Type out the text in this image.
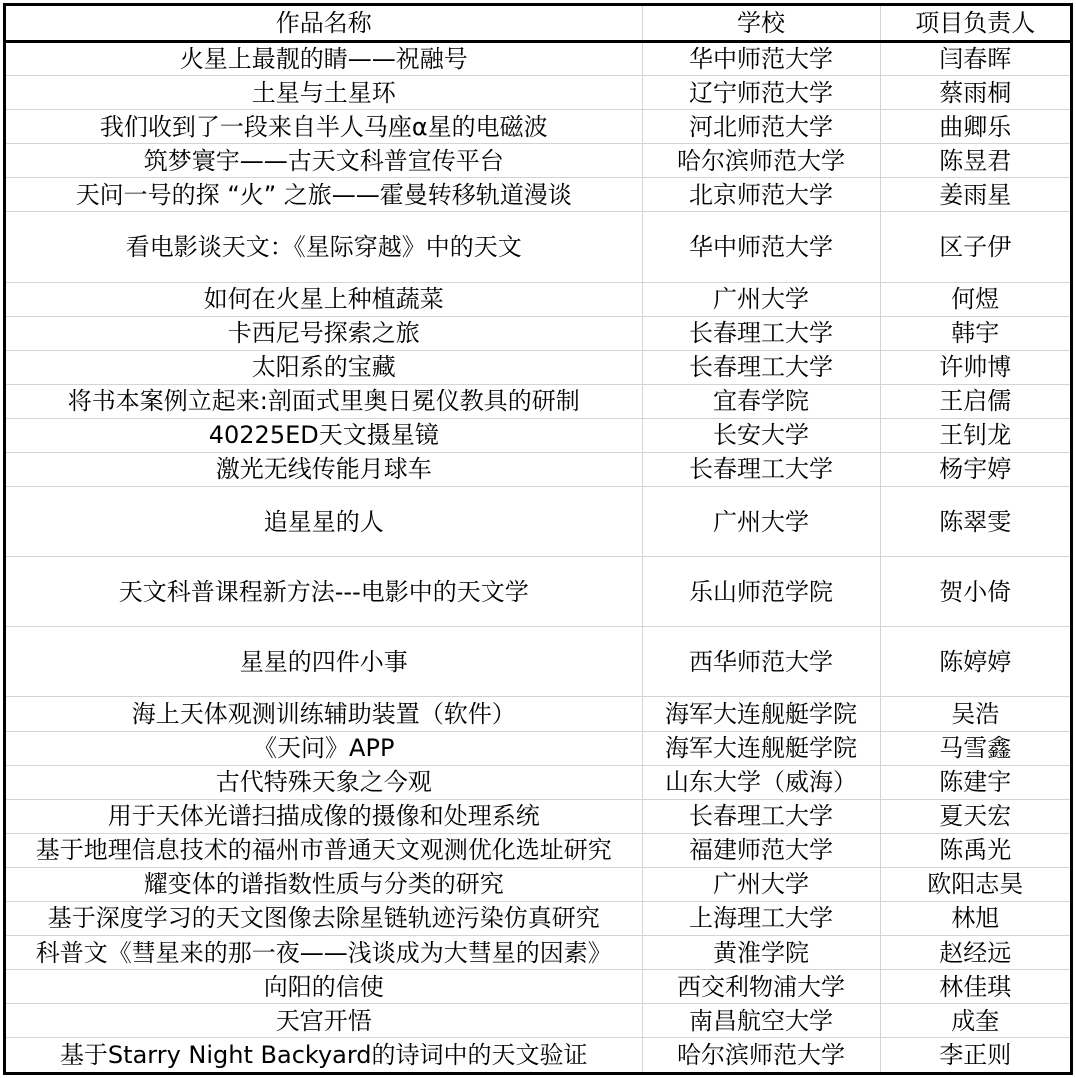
作品名称	学校	项目负责人
火星上最靓的睛——祝融号	华中师范大学	闫春晖
土星与土星环	辽宁师范大学	蔡雨桐
我们收到了一段来自半人马座α星的电磁波	河北师范大学	曲卿乐
筑梦寰宇——古天文科普宣传平台	哈尔滨师范大学	陈昱君
天问一号的探 “火” 之旅——霍曼转移轨道漫谈	北京师范大学	姜雨星
看电影谈天文：《星际穿越》中的天文	华中师范大学	区子伊
如何在火星上种植蔬菜	广州大学	何煜
卡西尼号探索之旅	长春理工大学	韩宇
太阳系的宝藏	长春理工大学	许帅博
将书本案例立起来:剖面式里奥日冕仪教具的研制	宜春学院	王启儒
40225ED天文摄星镜	长安大学	王钊龙
激光无线传能月球车	长春理工大学	杨宇婷
追星星的人	广州大学	陈翠雯
天文科普课程新方法---电影中的天文学	乐山师范学院	贺小倚
星星的四件小事	西华师范大学	陈婷婷
海上天体观测训练辅助装置（软件）	海军大连舰艇学院	吴浩
《天问》APP	海军大连舰艇学院	马雪鑫
古代特殊天象之今观	山东大学（威海）	陈建宇
用于天体光谱扫描成像的摄像和处理系统	长春理工大学	夏天宏
基于地理信息技术的福州市普通天文观测优化选址研究	福建师范大学	陈禹光
耀变体的谱指数性质与分类的研究	广州大学	欧阳志昊
基于深度学习的天文图像去除星链轨迹污染仿真研究	上海理工大学	林旭
科普文《彗星来的那一夜——浅谈成为大彗星的因素》	黄淮学院	赵经远
向阳的信使	西交利物浦大学	林佳琪
天宫开悟	南昌航空大学	成奎
基于Starry Night Backyard的诗词中的天文验证	哈尔滨师范大学	李正则
